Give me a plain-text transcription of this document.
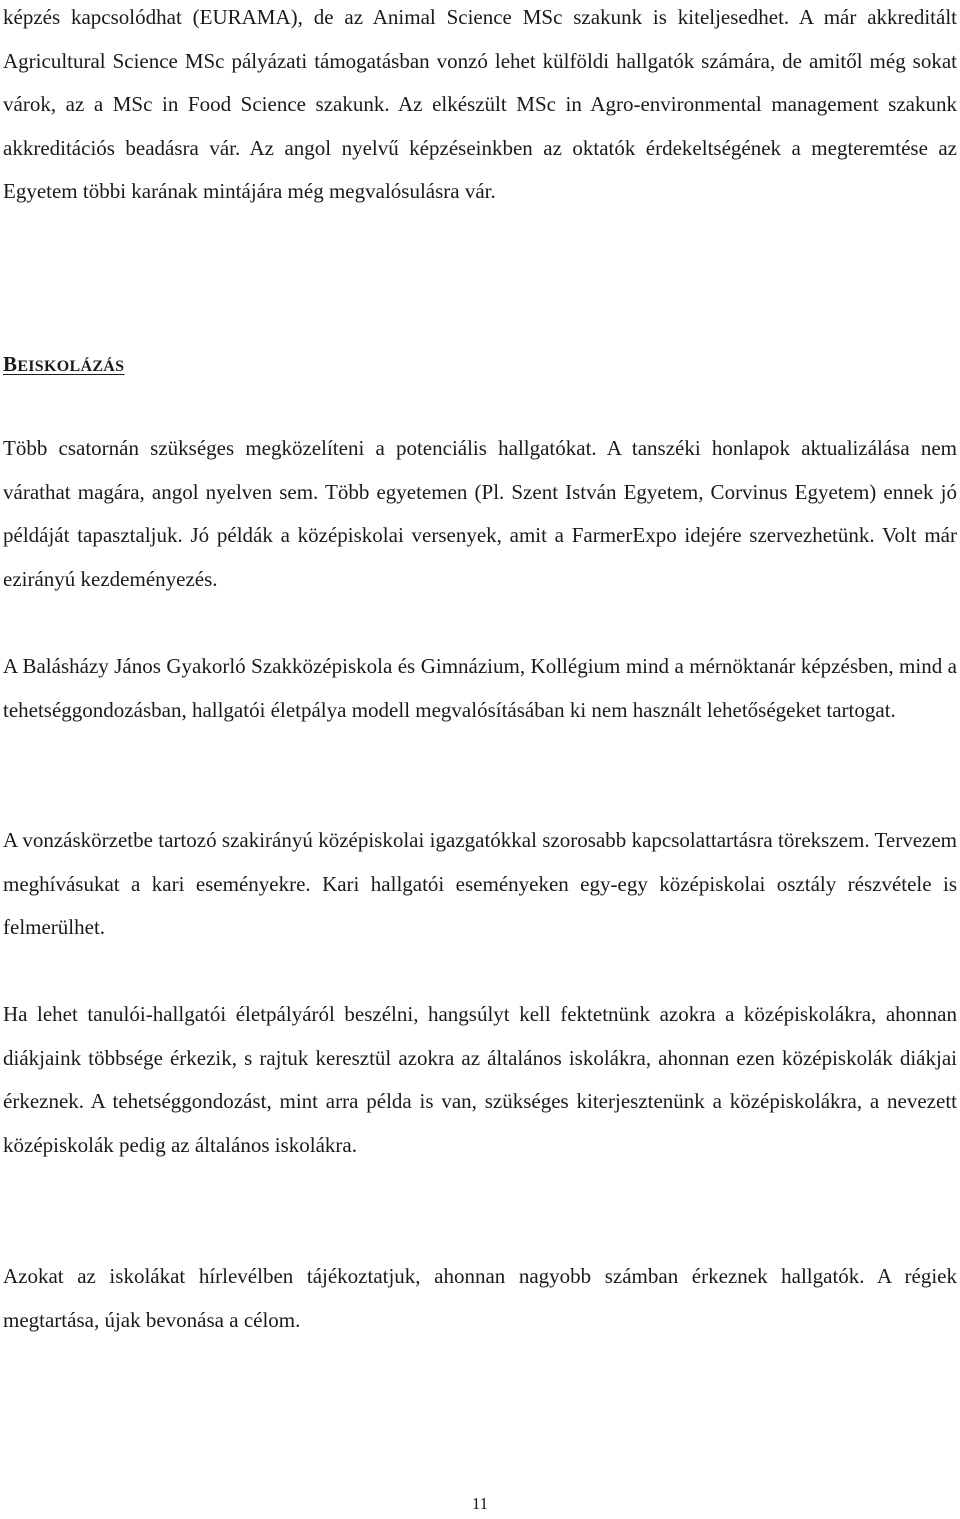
képzés kapcsolódhat (EURAMA), de az Animal Science MSc szakunk is kiteljesedhet. A már akkreditált Agricultural Science MSc pályázati támogatásban vonzó lehet külföldi hallgatók számára, de amitől még sokat várok, az a MSc in Food Science szakunk. Az elkészült MSc in Agro-environmental management szakunk akkreditációs beadásra vár. Az angol nyelvű képzéseinkben az oktatók érdekeltségének a megteremtése az Egyetem többi karának mintájára még megvalósulásra vár.

BEISKOLÁZÁS

Több csatornán szükséges megközelíteni a potenciális hallgatókat. A tanszéki honlapok aktualizálása nem várathat magára, angol nyelven sem. Több egyetemen (Pl. Szent István Egyetem, Corvinus Egyetem) ennek jó példáját tapasztaljuk. Jó példák a középiskolai versenyek, amit a FarmerExpo idejére szervezhetünk. Volt már ezirányú kezdeményezés.

A Balásházy János Gyakorló Szakközépiskola és Gimnázium, Kollégium mind a mérnöktanár képzésben, mind a tehetséggondozásban, hallgatói életpálya modell megvalósításában ki nem használt lehetőségeket tartogat.

A vonzáskörzetbe tartozó szakirányú középiskolai igazgatókkal szorosabb kapcsolattartásra törekszem. Tervezem meghívásukat a kari eseményekre. Kari hallgatói eseményeken egy-egy középiskolai osztály részvétele is felmerülhet.

Ha lehet tanulói-hallgatói életpályáról beszélni, hangsúlyt kell fektetnünk azokra a középiskolákra, ahonnan diákjaink többsége érkezik, s rajtuk keresztül azokra az általános iskolákra, ahonnan ezen középiskolák diákjai érkeznek. A tehetséggondozást, mint arra példa is van, szükséges kiterjesztenünk a középiskolákra, a nevezett középiskolák pedig az általános iskolákra.

Azokat az iskolákat hírlevélben tájékoztatjuk, ahonnan nagyobb számban érkeznek hallgatók. A régiek megtartása, újak bevonása a célom.

11
